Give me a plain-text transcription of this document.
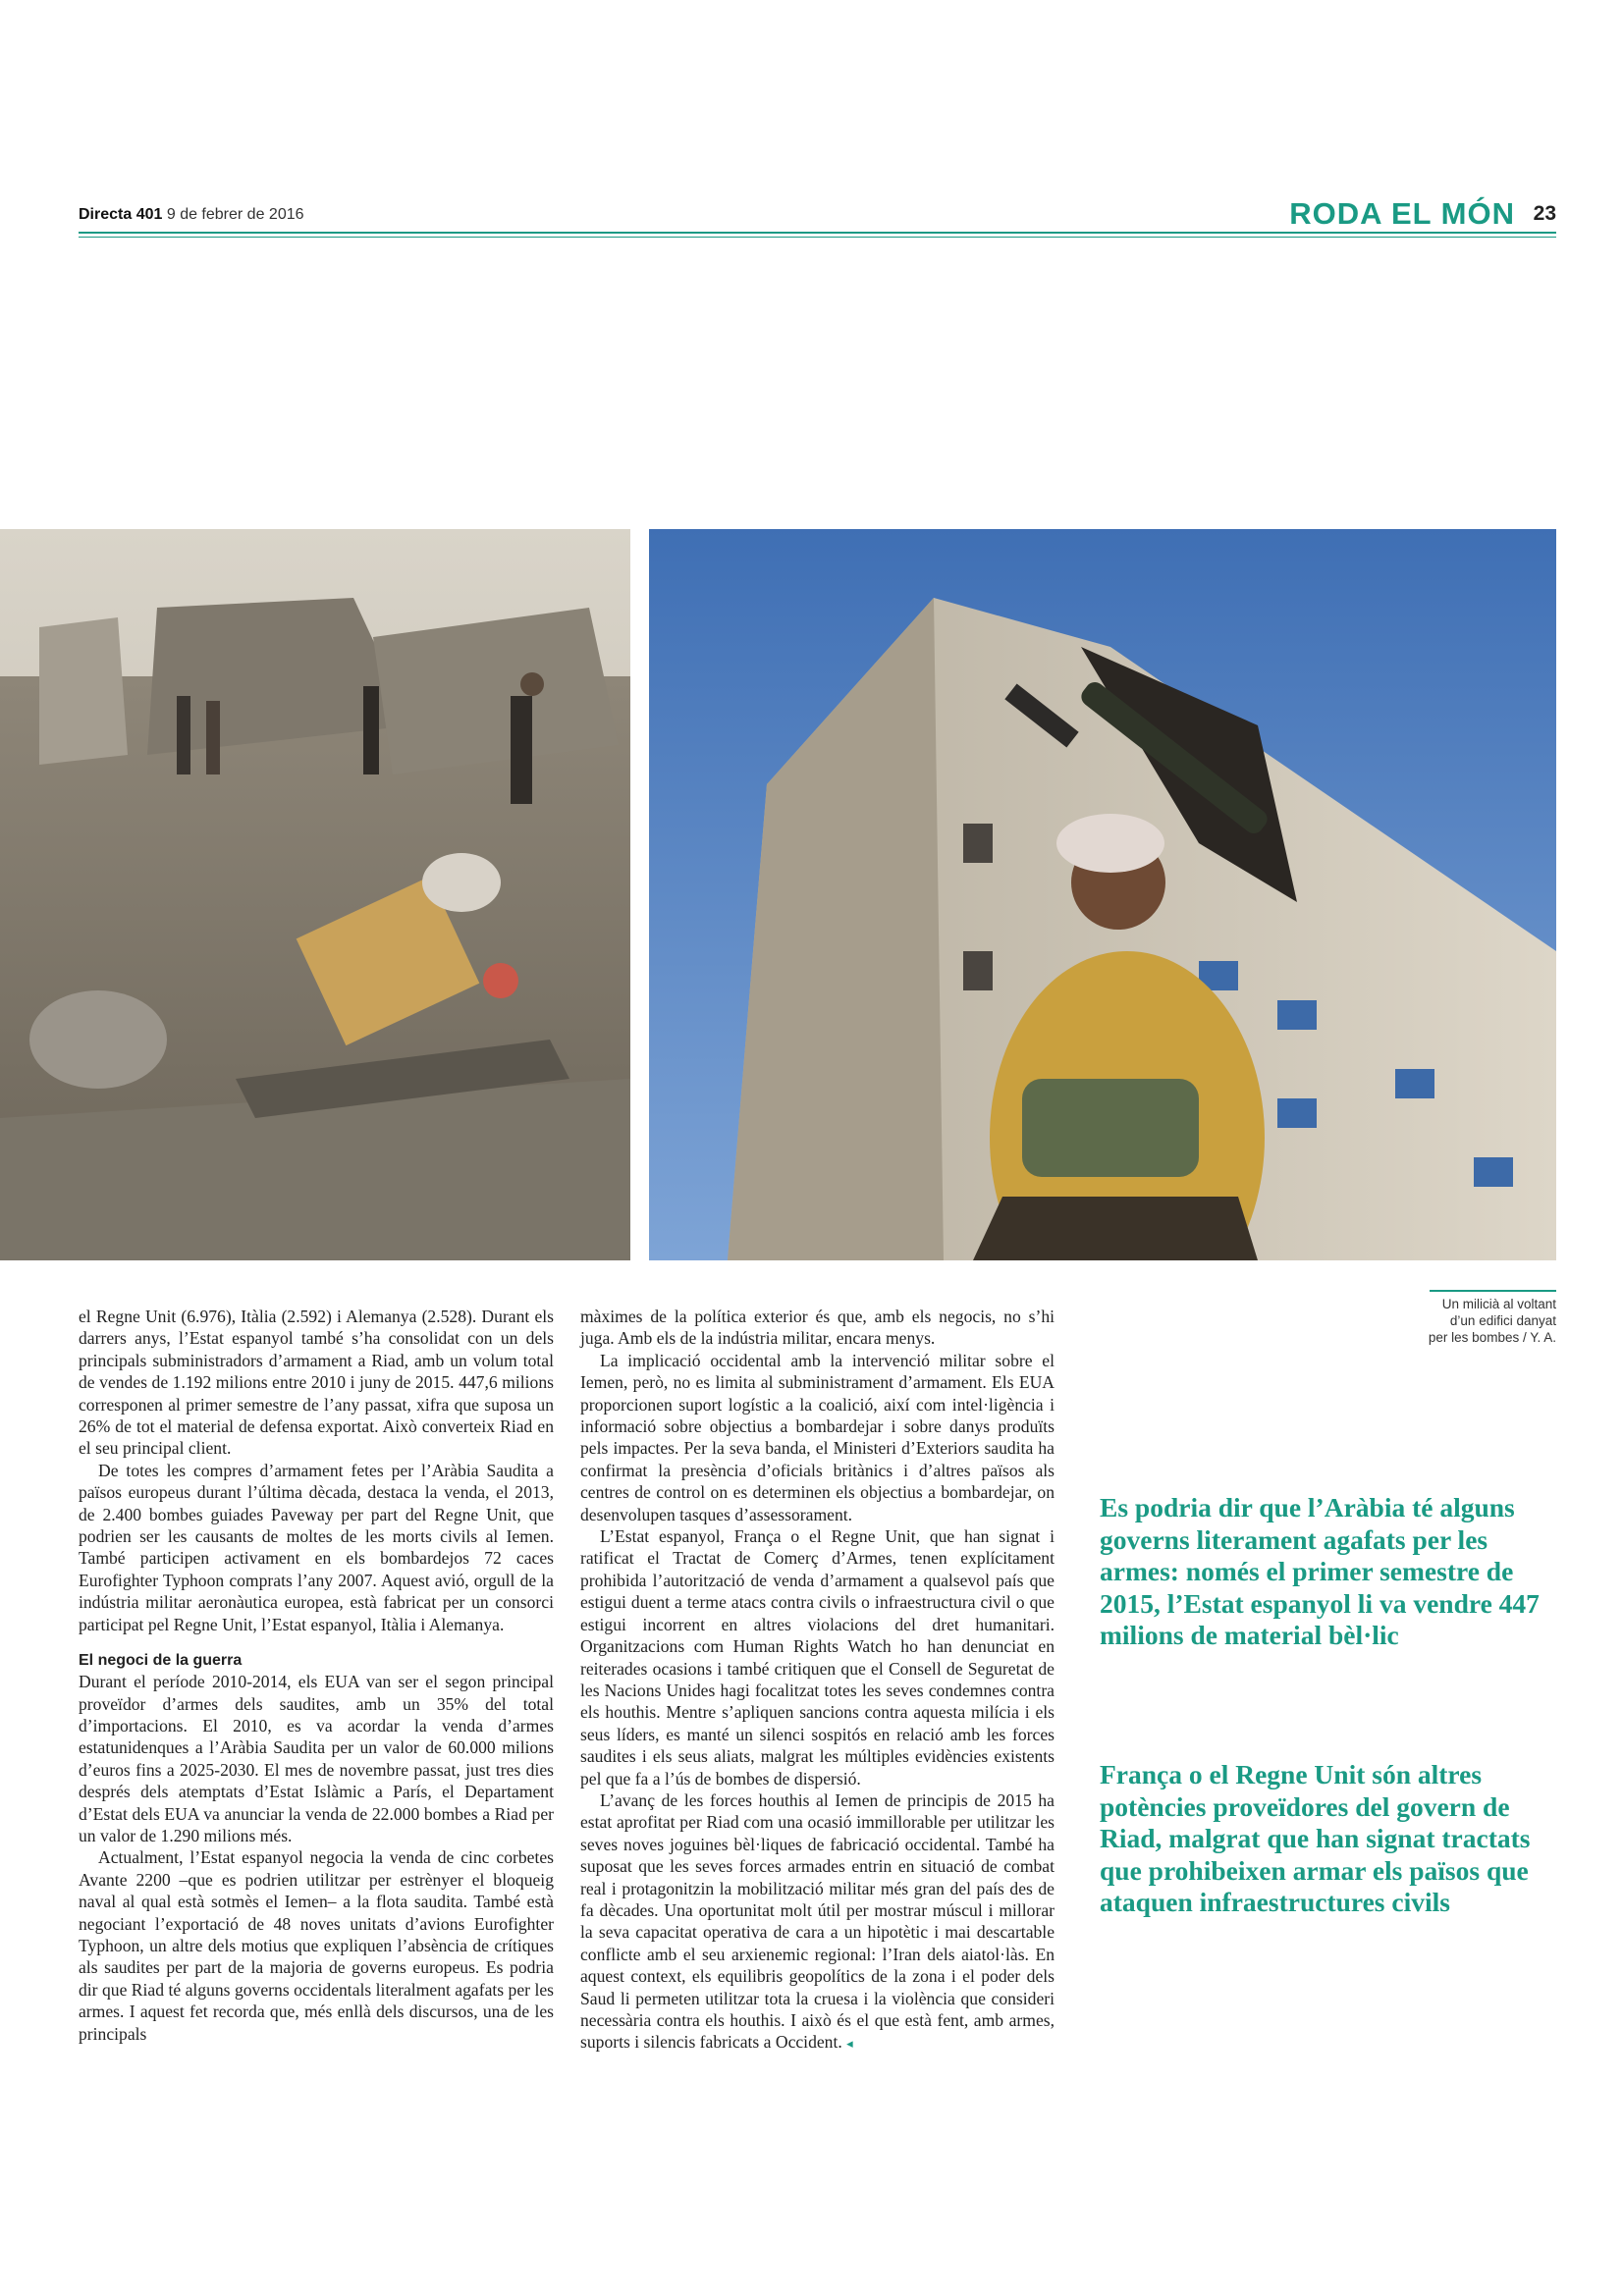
Directa 401 9 de febrer de 2016	RODA EL MÓN 23

el Regne Unit (6.976), Itàlia (2.592) i Alemanya (2.528). Durant els darrers anys, l’Estat espanyol també s’ha consolidat con un dels principals subministradors d’armament a Riad, amb un volum total de vendes de 1.192 milions entre 2010 i juny de 2015. 447,6 milions corresponen al primer semestre de l’any passat, xifra que suposa un 26% de tot el material de defensa exportat. Això converteix Riad en el seu principal client.

De totes les compres d’armament fetes per l’Aràbia Saudita a països europeus durant l’última dècada, destaca la venda, el 2013, de 2.400 bombes guiades Paveway per part del Regne Unit, que podrien ser les causants de moltes de les morts civils al Iemen. També participen activament en els bombardejos 72 caces Eurofighter Typhoon comprats l’any 2007. Aquest avió, orgull de la indústria militar aeronàutica europea, està fabricat per un consorci participat pel Regne Unit, l’Estat espanyol, Itàlia i Alemanya.

El negoci de la guerra

Durant el període 2010-2014, els EUA van ser el segon principal proveïdor d’armes dels saudites, amb un 35% del total d’importacions. El 2010, es va acordar la venda d’armes estatunidenques a l’Aràbia Saudita per un valor de 60.000 milions d’euros fins a 2025-2030. El mes de novembre passat, just tres dies després dels atemptats d’Estat Islàmic a París, el Departament d’Estat dels EUA va anunciar la venda de 22.000 bombes a Riad per un valor de 1.290 milions més.

Actualment, l’Estat espanyol negocia la venda de cinc corbetes Avante 2200 –que es podrien utilitzar per estrènyer el bloqueig naval al qual està sotmès el Iemen– a la flota saudita. També està negociant l’exportació de 48 noves unitats d’avions Eurofighter Typhoon, un altre dels motius que expliquen l’absència de crítiques als saudites per part de la majoria de governs europeus. Es podria dir que Riad té alguns governs occidentals literalment agafats per les armes. I aquest fet recorda que, més enllà dels discursos, una de les principals

màximes de la política exterior és que, amb els negocis, no s’hi juga. Amb els de la indústria militar, encara menys.

La implicació occidental amb la intervenció militar sobre el Iemen, però, no es limita al subministrament d’armament. Els EUA proporcionen suport logístic a la coalició, així com intel·ligència i informació sobre objectius a bombardejar i sobre danys produïts pels impactes. Per la seva banda, el Ministeri d’Exteriors saudita ha confirmat la presència d’oficials britànics i d’altres països als centres de control on es determinen els objectius a bombardejar, on desenvolupen tasques d’assessorament.

L’Estat espanyol, França o el Regne Unit, que han signat i ratificat el Tractat de Comerç d’Armes, tenen explícitament prohibida l’autorització de venda d’armament a qualsevol país que estigui duent a terme atacs contra civils o infraestructura civil o que estigui incorrent en altres violacions del dret humanitari. Organitzacions com Human Rights Watch ho han denunciat en reiterades ocasions i també critiquen que el Consell de Seguretat de les Nacions Unides hagi focalitzat totes les seves condemnes contra els houthis. Mentre s’apliquen sancions contra aquesta milícia i els seus líders, es manté un silenci sospitós en relació amb les forces saudites i els seus aliats, malgrat les múltiples evidències existents pel que fa a l’ús de bombes de dispersió.

L’avanç de les forces houthis al Iemen de principis de 2015 ha estat aprofitat per Riad com una ocasió immillorable per utilitzar les seves noves joguines bèl·liques de fabricació occidental. També ha suposat que les seves forces armades entrin en situació de combat real i protagonitzin la mobilització militar més gran del país des de fa dècades. Una oportunitat molt útil per mostrar múscul i millorar la seva capacitat operativa de cara a un hipotètic i mai descartable conflicte amb el seu arxienemic regional: l’Iran dels aiatol·làs. En aquest context, els equilibris geopolítics de la zona i el poder dels Saud li permeten utilitzar tota la cruesa i la violència que consideri necessària contra els houthis. I això és el que està fent, amb armes, suports i silencis fabricats a Occident. ◂

Un milicià al voltant
d’un edifici danyat
per les bombes / Y. A.
Es podria dir que l’Aràbia té alguns governs literament agafats per les armes: només el primer semestre de 2015, l’Estat espanyol li va vendre 447 milions de material bèl·lic
França o el Regne Unit són altres potències proveïdores del govern de Riad, malgrat que han signat tractats que prohibeixen armar els països que ataquen infraestructures civils
